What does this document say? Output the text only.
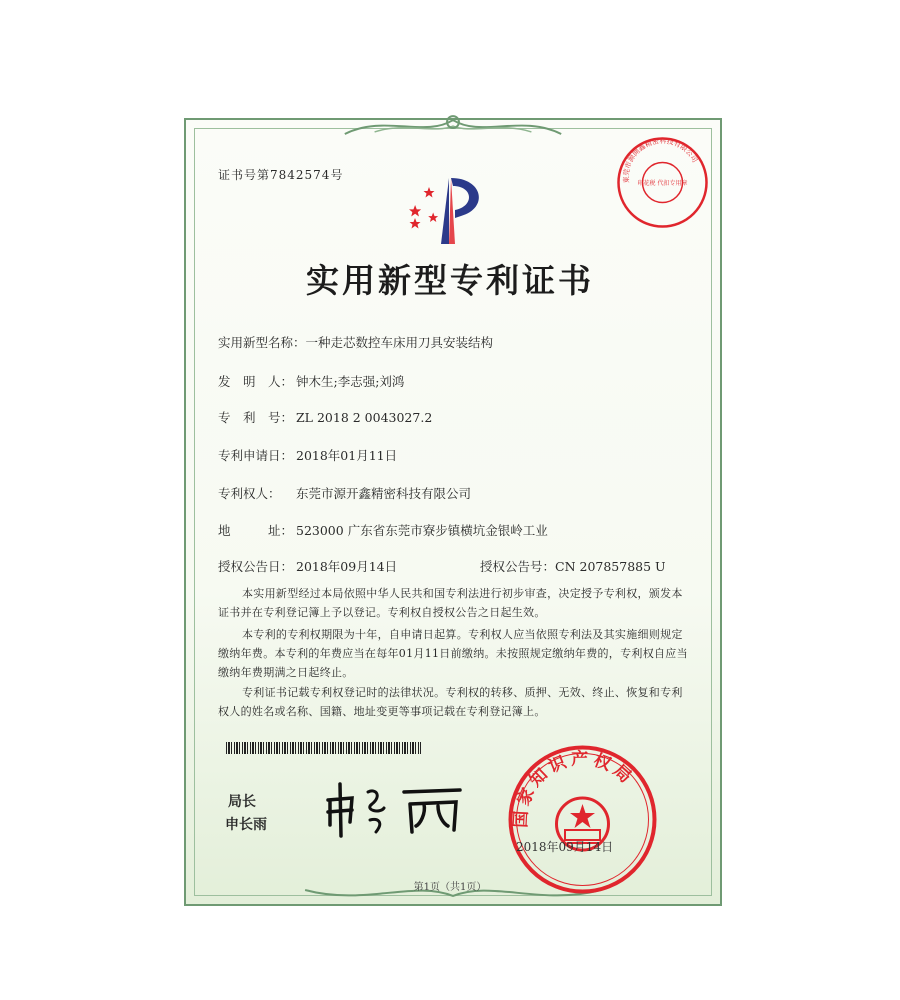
证书号第7842574号
实用新型专利证书
实用新型名称：一种走芯数控车床用刀具安装结构
发　明　人： 钟木生;李志强;刘鸿
专　利　号： ZL 2018 2 0043027.2
专利申请日： 2018年01月11日
专利权人： 东莞市源开鑫精密科技有限公司
地　　　址： 523000 广东省东莞市寮步镇横坑金银岭工业
授权公告日： 2018年09月14日	授权公告号：CN 207857885 U
本实用新型经过本局依照中华人民共和国专利法进行初步审查，决定授予专利权，颁发本证书并在专利登记簿上予以登记。专利权自授权公告之日起生效。
本专利的专利权期限为十年，自申请日起算。专利权人应当依照专利法及其实施细则规定缴纳年费。本专利的年费应当在每年01月11日前缴纳。未按照规定缴纳年费的，专利权自应当缴纳年费期满之日起终止。
专利证书记载专利权登记时的法律状况。专利权的转移、质押、无效、终止、恢复和专利权人的姓名或名称、国籍、地址变更等事项记载在专利登记簿上。
局长
申长雨
東莞市源開鑫精密科技有限公司
印花税 代扣专用章
国家知识产权局
2018年09月14日
第1页（共1页）
